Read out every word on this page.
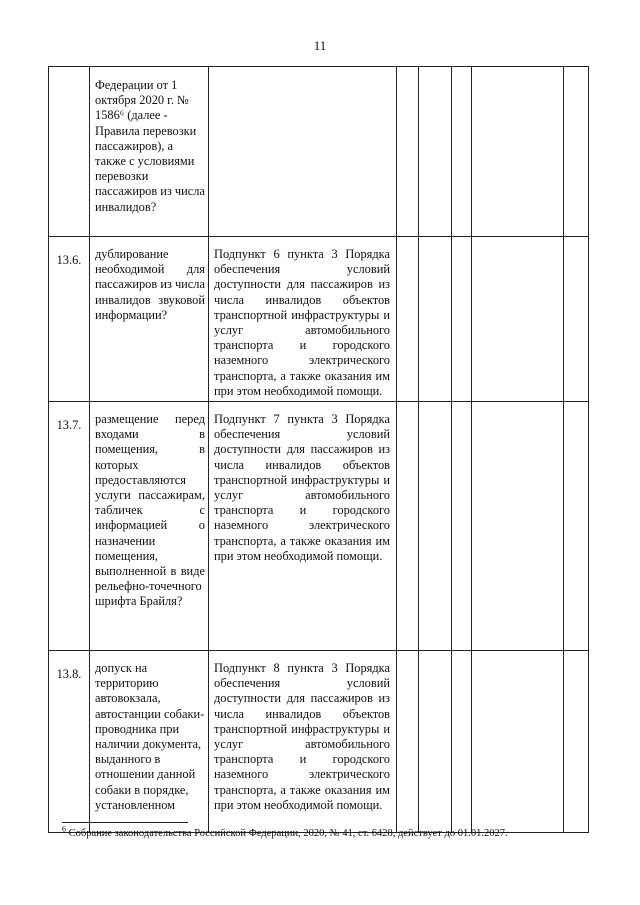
11
	Федерации от 1 октября 2020 г. № 1586⁶ (далее - Правила перевозки пассажиров), а также с условиями перевозки пассажиров из числа инвалидов?						
13.6.	дублирование необходимой для пассажиров из числа инвалидов звуковой информации?	Подпункт 6 пункта 3 Порядка обеспечения условий доступности для пассажиров из числа инвалидов объектов транспортной инфраструктуры и услуг автомобильного транспорта и городского наземного электрического транспорта, а также оказания им при этом необходимой помощи.					
13.7.	размещение перед входами в помещения, в которых предоставляются услуги пассажирам, табличек с информацией о назначении помещения, выполненной в виде рельефно-точечного шрифта Брайля?	Подпункт 7 пункта 3 Порядка обеспечения условий доступности для пассажиров из числа инвалидов объектов транспортной инфраструктуры и услуг автомобильного транспорта и городского наземного электрического транспорта, а также оказания им при этом необходимой помощи.					
13.8.	допуск на территорию автовокзала, автостанции собаки-проводника при наличии документа, выданного в отношении данной собаки в порядке, установленном	Подпункт 8 пункта 3 Порядка обеспечения условий доступности для пассажиров из числа инвалидов объектов транспортной инфраструктуры и услуг автомобильного транспорта и городского наземного электрического транспорта, а также оказания им при этом необходимой помощи.					
$^6$ Собрание законодательства Российской Федерации, 2020, № 41, ст. 6428, действует до 01.01.2027.
